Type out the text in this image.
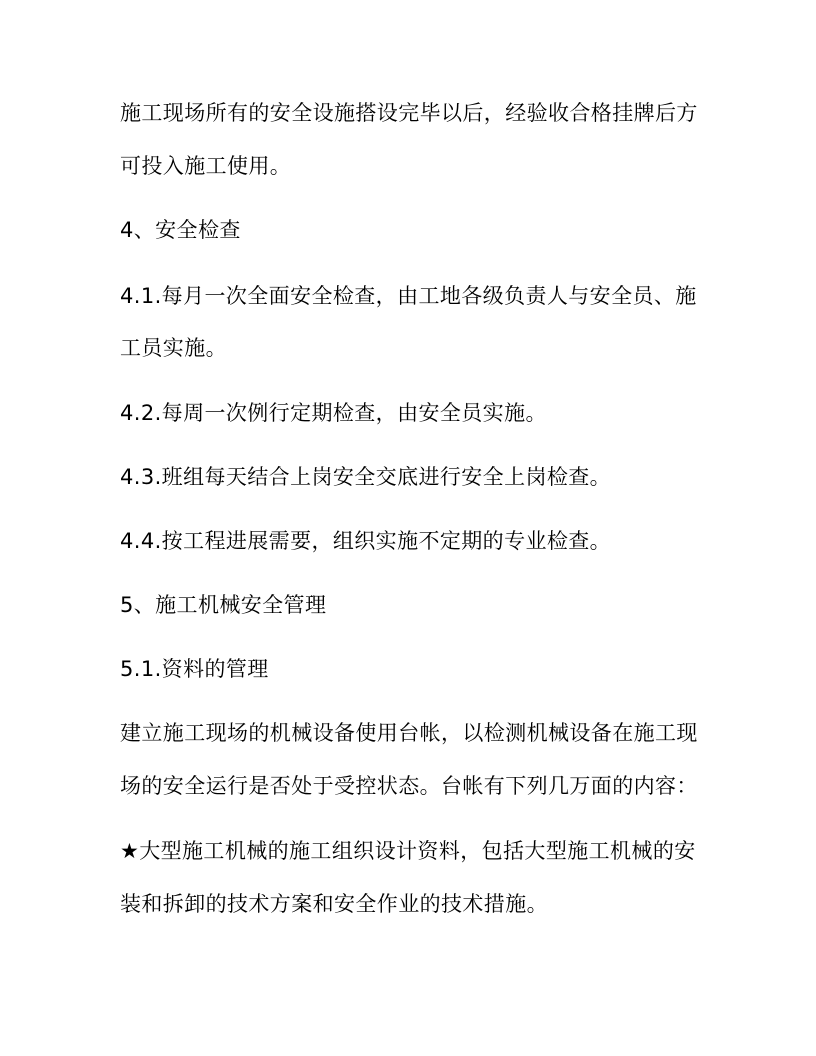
施工现场所有的安全设施搭设完毕以后，经验收合格挂牌后方
可投入施工使用。
4、安全检查
4.1.每月一次全面安全检查，由工地各级负责人与安全员、施
工员实施。
4.2.每周一次例行定期检查，由安全员实施。
4.3.班组每天结合上岗安全交底进行安全上岗检查。
4.4.按工程进展需要，组织实施不定期的专业检查。
5、施工机械安全管理
5.1.资料的管理
建立施工现场的机械设备使用台帐，以检测机械设备在施工现
场的安全运行是否处于受控状态。台帐有下列几万面的内容：
★大型施工机械的施工组织设计资料，包括大型施工机械的安
装和拆卸的技术方案和安全作业的技术措施。
